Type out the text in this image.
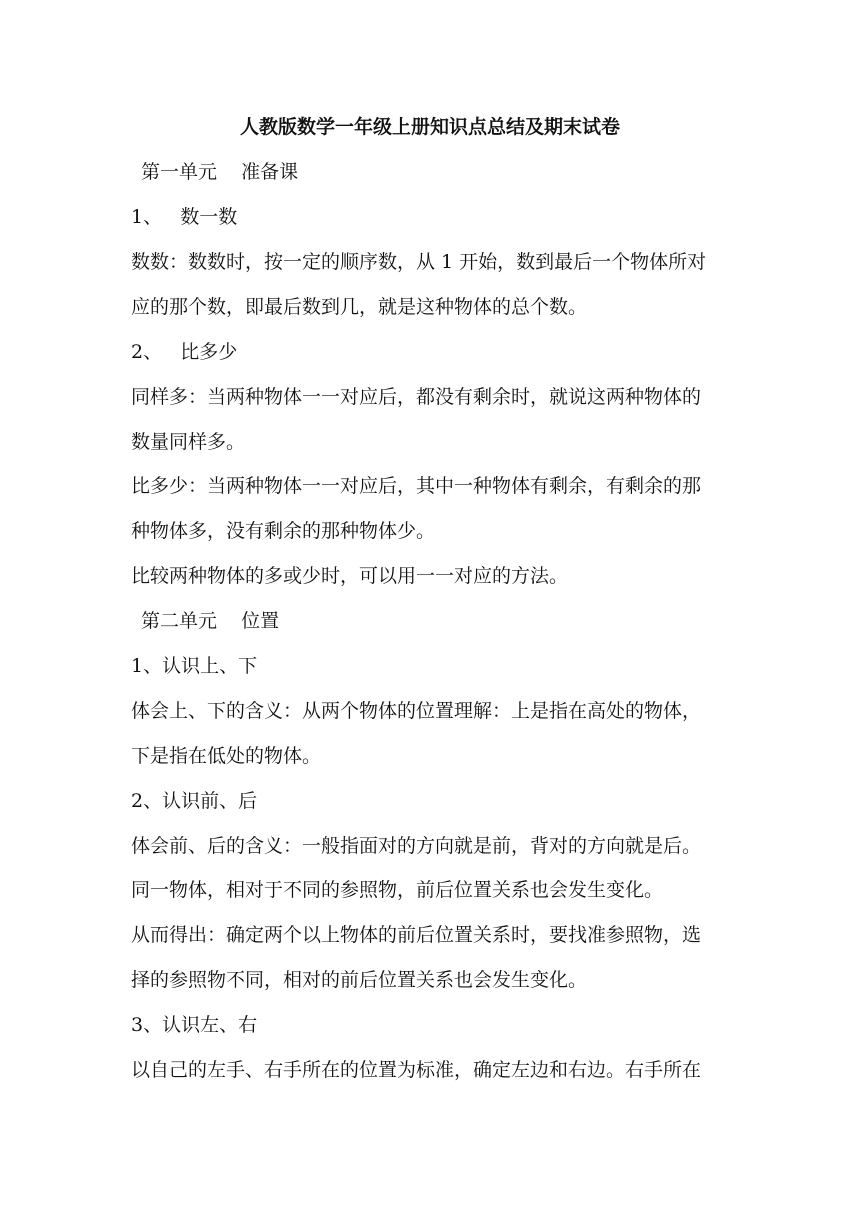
人教版数学一年级上册知识点总结及期末试卷
第一单元    准备课
1、   数一数
数数：数数时，按一定的顺序数，从 1 开始，数到最后一个物体所对
应的那个数，即最后数到几，就是这种物体的总个数。
2、   比多少
同样多：当两种物体一一对应后，都没有剩余时，就说这两种物体的
数量同样多。
比多少：当两种物体一一对应后，其中一种物体有剩余，有剩余的那
种物体多，没有剩余的那种物体少。
比较两种物体的多或少时，可以用一一对应的方法。
第二单元    位置
1、认识上、下
体会上、下的含义：从两个物体的位置理解：上是指在高处的物体，
下是指在低处的物体。
2、认识前、后
体会前、后的含义：一般指面对的方向就是前，背对的方向就是后。
同一物体，相对于不同的参照物，前后位置关系也会发生变化。
从而得出：确定两个以上物体的前后位置关系时，要找准参照物，选
择的参照物不同，相对的前后位置关系也会发生变化。
3、认识左、右
以自己的左手、右手所在的位置为标准，确定左边和右边。右手所在
